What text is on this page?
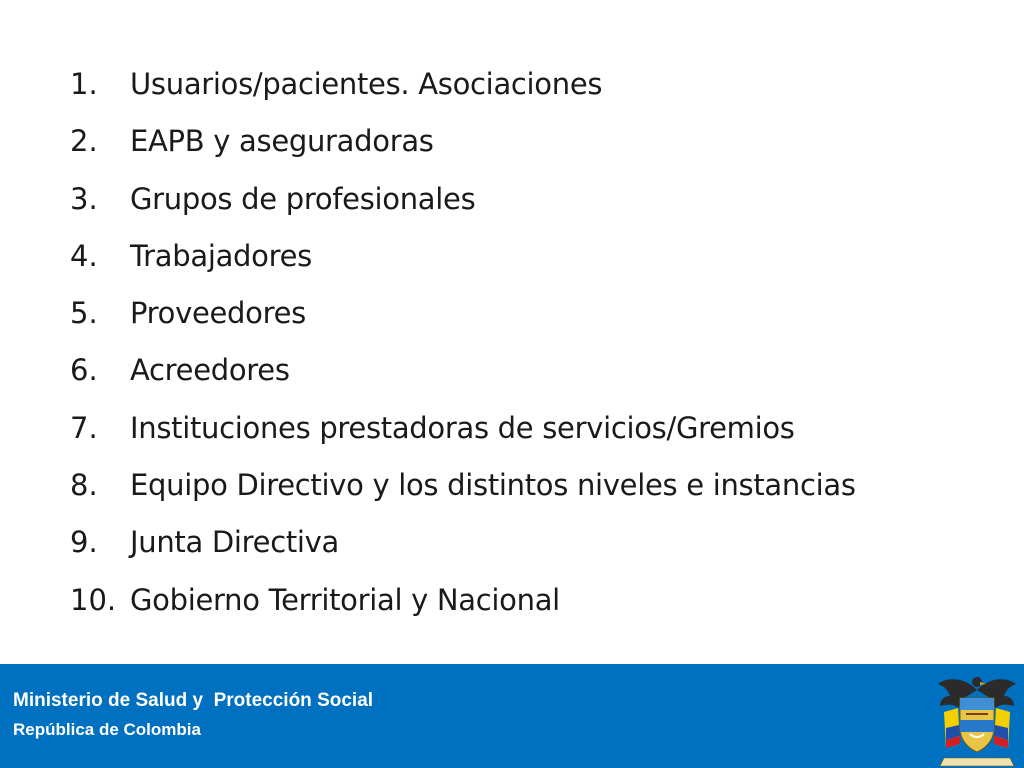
1. Usuarios/pacientes. Asociaciones
2. EAPB y aseguradoras
3. Grupos de profesionales
4. Trabajadores
5. Proveedores
6. Acreedores
7. Instituciones prestadoras de servicios/Gremios
8. Equipo Directivo y los distintos niveles e instancias
9. Junta Directiva
10. Gobierno Territorial y Nacional
Ministerio de Salud y  Protección Social
República de Colombia
